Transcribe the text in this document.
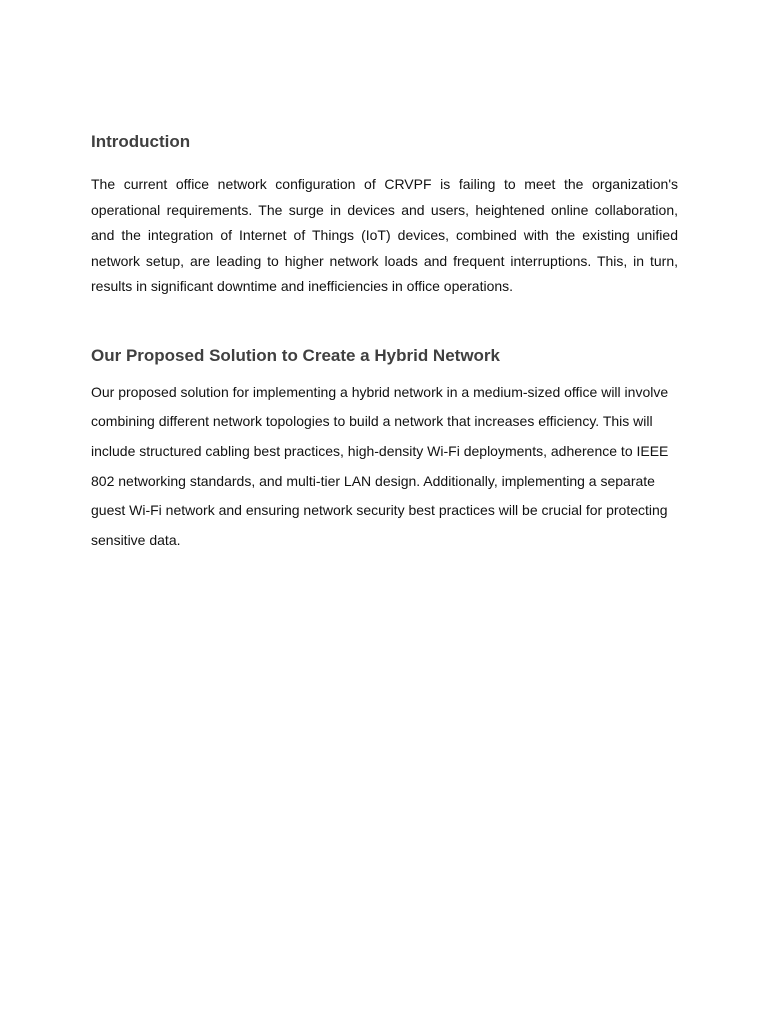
Introduction

The current office network configuration of CRVPF is failing to meet the organization's operational requirements. The surge in devices and users, heightened online collaboration, and the integration of Internet of Things (IoT) devices, combined with the existing unified network setup, are leading to higher network loads and frequent interruptions. This, in turn, results in significant downtime and inefficiencies in office operations.

Our Proposed Solution to Create a Hybrid Network

Our proposed solution for implementing a hybrid network in a medium-sized office will involve combining different network topologies to build a network that increases efficiency. This will include structured cabling best practices, high-density Wi-Fi deployments, adherence to IEEE 802 networking standards, and multi-tier LAN design. Additionally, implementing a separate guest Wi-Fi network and ensuring network security best practices will be crucial for protecting sensitive data.
